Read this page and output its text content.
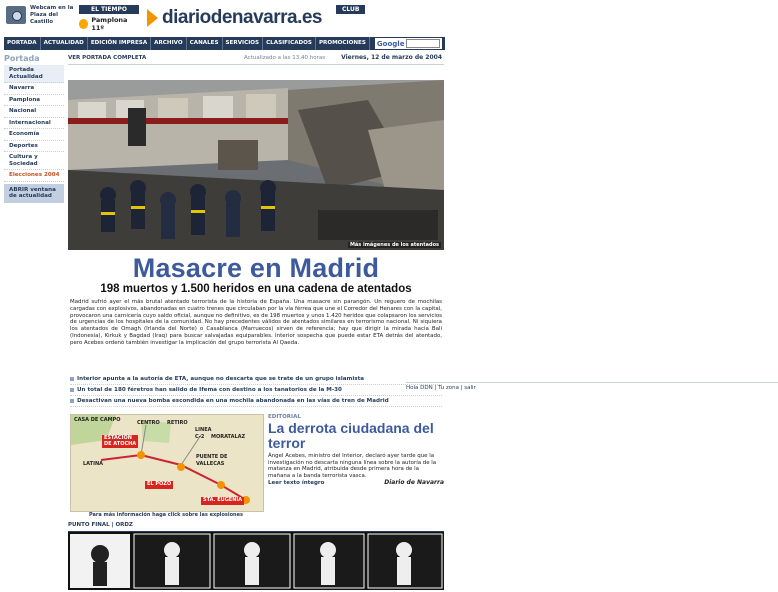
Webcam en la Plaza del Castillo
EL TIEMPO
Pamplona 11º	diariodenavarra.es	CLUB
Hola DDN | Tu zona | salir
PORTADA	ACTUALIDAD	EDICIÓN IMPRESA	ARCHIVO	CANALES	SERVICIOS	CLASIFICADOS	PROMOCIONES	Google	BUSCAR
Portada
Portada Actualidad
Navarra
Pamplona
Nacional
Internacional
Economía
Deportes
Cultura y Sociedad
Elecciones 2004
ABRIR ventana de actualidad
VER PORTADA COMPLETA	Actualizado a las 13.40 horas	Viernes, 12 de marzo de 2004
Más imágenes de los atentados
Masacre en Madrid
198 muertos y 1.500 heridos en una cadena de atentados
Madrid sufrió ayer el más brutal atentado terrorista de la historia de España. Una masacre sin parangón. Un reguero de mochilas cargadas con explosivos, abandonadas en cuatro trenes que circulaban por la vía férrea que une el Corredor del Henares con la capital, provocaron una carnicería cuyo saldo oficial, aunque no definitivo, es de 198 muertos y unos 1.420 heridos que colapsaron los servicios de urgencias de los hospitales de la comunidad. No hay precedentes válidos de atentados similares en terrorismo nacional. Ni siquiera los atentados de Omagh (Irlanda del Norte) o Casablanca (Marruecos) sirven de referencia; hay que dirigir la mirada hacia Bali (Indonesia), Kirkuk y Bagdad (Iraq) para buscar salvajadas equiparables. Interior sospecha que puede estar ETA detrás del atentado, pero Acebes ordenó también investigar la implicación del grupo terrorista Al Qaeda.
Interior apunta a la autoría de ETA, aunque no descarta que se trate de un grupo islamista
Un total de 180 féretros han salido de Ifema con destino a los tanatorios de la M-30
Desactivan una nueva bomba escondida en una mochila abandonada en las vías de tren de Madrid
CASA DE CAMPO	CENTRO RETIRO
LINEA
C-2 MORATALAZ
PUENTE DE
VALLECAS
LATINA
ESTACIÓN
DE ATOCHA
EL POZO
STA. EUGENIA
Para más información haga click sobre las explosiones
EDITORIAL
La derrota ciudadana del terror
Ángel Acebes, ministro del Interior, declaró ayer tarde que la investigación no descarta ninguna línea sobre la autoría de la matanza en Madrid, atribuida desde primera hora de la mañana a la banda terrorista vasca.
Leer texto íntegro	Diario de Navarra
PUNTO FINAL | ORDZ
